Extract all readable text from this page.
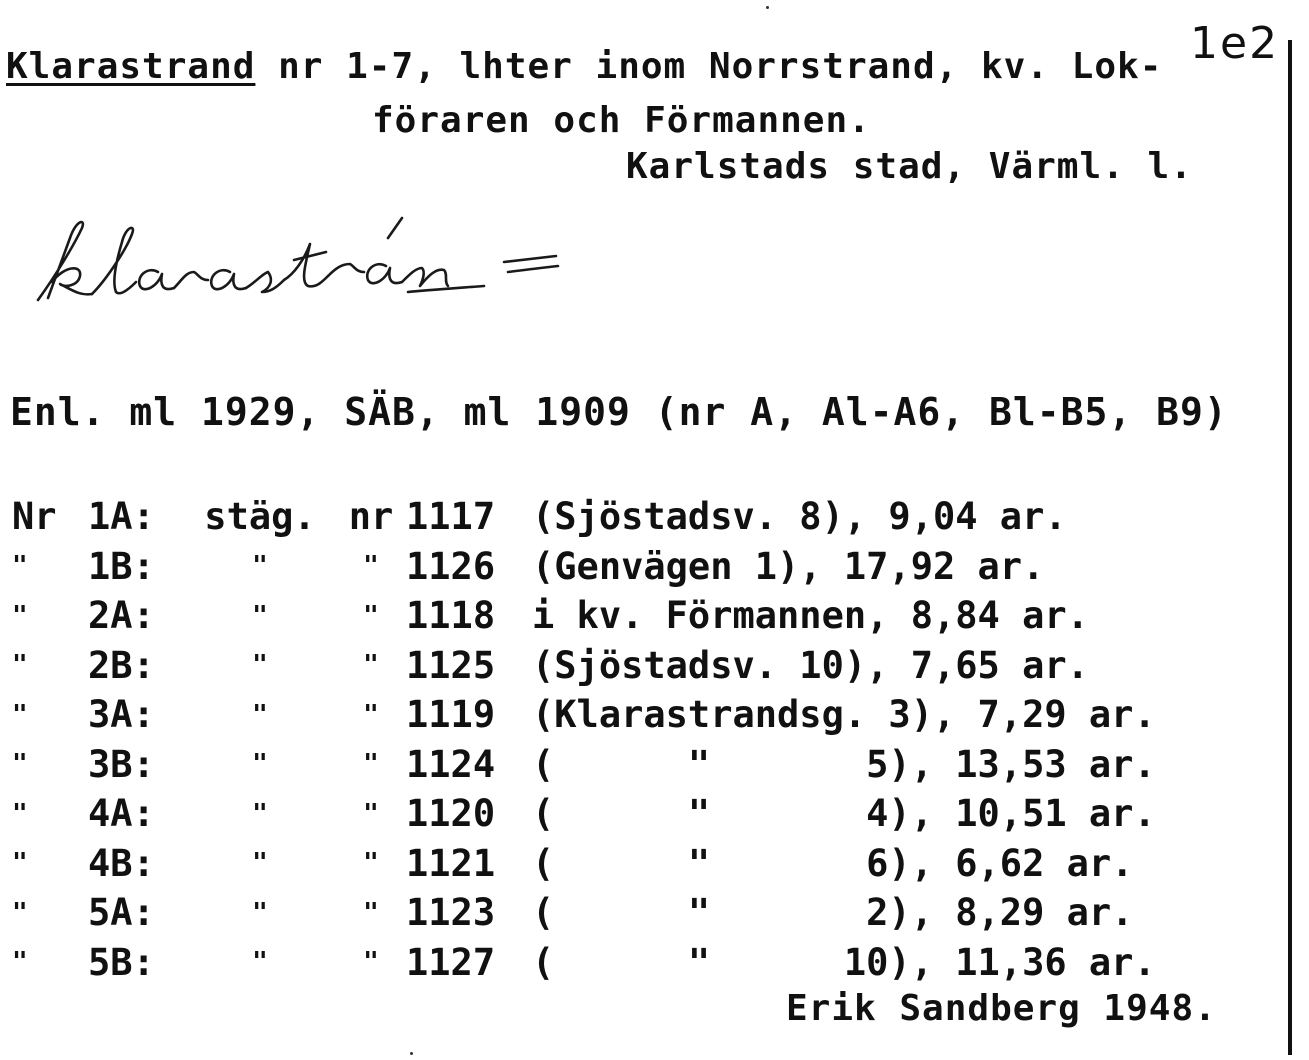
1e2
Klarastrand nr 1-7, lhter inom Norrstrand, kv. Lok-
föraren och Förmannen.
Karlstads stad, Värml. l.
Enl. ml 1929, SÄB, ml 1909 (nr A, Al-A6, Bl-B5, B9)
Nr	1A:	stäg.	nr	1117	(Sjöstadsv. 8), 9,04 ar.
"	1B:	"	"	1126	(Genvägen 1), 17,92 ar.
"	2A:	"	"	1118	i kv. Förmannen, 8,84 ar.
"	2B:	"	"	1125	(Sjöstadsv. 10), 7,65 ar.
"	3A:	"	"	1119	(Klarastrandsg. 3), 7,29 ar.
"	3B:	"	"	1124	(      "       5), 13,53 ar.
"	4A:	"	"	1120	(      "       4), 10,51 ar.
"	4B:	"	"	1121	(      "       6), 6,62 ar.
"	5A:	"	"	1123	(      "       2), 8,29 ar.
"	5B:	"	"	1127	(      "      10), 11,36 ar.
Erik Sandberg 1948.
